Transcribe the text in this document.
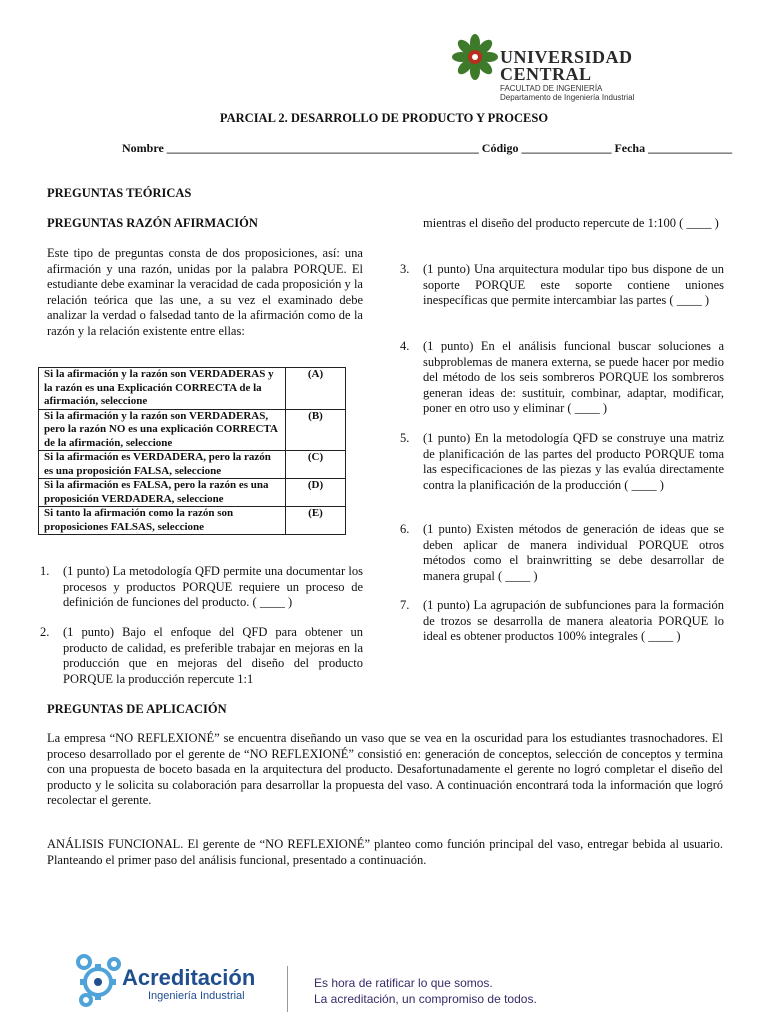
UNIVERSIDAD
CENTRAL
FACULTAD DE INGENIERÍA
Departamento de Ingeniería Industrial
PARCIAL 2. DESARROLLO DE PRODUCTO Y PROCESO
Nombre ____________________________________________________ Código _______________ Fecha ______________
PREGUNTAS TEÓRICAS
PREGUNTAS RAZÓN AFIRMACIÓN
Este tipo de preguntas consta de dos proposiciones, así: una afirmación y una razón, unidas por la palabra PORQUE. El estudiante debe examinar la veracidad de cada proposición y la relación teórica que las une, a su vez el examinado debe analizar la verdad o falsedad tanto de la afirmación como de la razón y la relación existente entre ellas:
Si la afirmación y la razón son VERDADERAS y la razón es una Explicación CORRECTA de la afirmación, seleccione	(A)
Si la afirmación y la razón son VERDADERAS, pero la razón NO es una explicación CORRECTA de la afirmación, seleccione	(B)
Si la afirmación es VERDADERA, pero la razón es una proposición FALSA, seleccione	(C)
Si la afirmación es FALSA, pero la razón es una proposición VERDADERA, seleccione	(D)
Si tanto la afirmación como la razón son proposiciones FALSAS, seleccione	(E)
1.	(1 punto) La metodología QFD permite una documentar los procesos y productos PORQUE requiere un proceso de definición de funciones del producto. ( ____ )
2.	(1 punto) Bajo el enfoque del QFD para obtener un producto de calidad, es preferible trabajar en mejoras en la producción que en mejoras del diseño del producto PORQUE la producción repercute 1:1
mientras el diseño del producto repercute de 1:100 ( ____ )
3.	(1 punto) Una arquitectura modular tipo bus dispone de un soporte PORQUE este soporte contiene uniones inespecíficas que permite intercambiar las partes ( ____ )
4.	(1 punto) En el análisis funcional buscar soluciones a subproblemas de manera externa, se puede hacer por medio del método de los seis sombreros PORQUE los sombreros generan ideas de: sustituir, combinar, adaptar, modificar, poner en otro uso y eliminar ( ____ )
5.	(1 punto) En la metodología QFD se construye una matriz de planificación de las partes del producto PORQUE toma las especificaciones de las piezas y las evalúa directamente contra la planificación de la producción ( ____ )
6.	(1 punto) Existen métodos de generación de ideas que se deben aplicar de manera individual PORQUE otros métodos como el brainwritting se debe desarrollar de manera grupal ( ____ )
7.	(1 punto) La agrupación de subfunciones para la formación de trozos se desarrolla de manera aleatoria PORQUE lo ideal es obtener productos 100% integrales ( ____ )
PREGUNTAS DE APLICACIÓN
La empresa “NO REFLEXIONÉ” se encuentra diseñando un vaso que se vea en la oscuridad para los estudiantes trasnochadores. El proceso desarrollado por el gerente de “NO REFLEXIONÉ” consistió en: generación de conceptos, selección de conceptos y termina con una propuesta de boceto basada en la arquitectura del producto. Desafortunadamente el gerente no logró completar el diseño del producto y le solicita su colaboración para desarrollar la propuesta del vaso. A continuación encontrará toda la información que logró recolectar el gerente.
ANÁLISIS FUNCIONAL. El gerente de “NO REFLEXIONÉ” planteo como función principal del vaso, entregar bebida al usuario. Planteando el primer paso del análisis funcional, presentado a continuación.
Acreditación
Ingeniería Industrial
Es hora de ratificar lo que somos.
La acreditación, un compromiso de todos.
